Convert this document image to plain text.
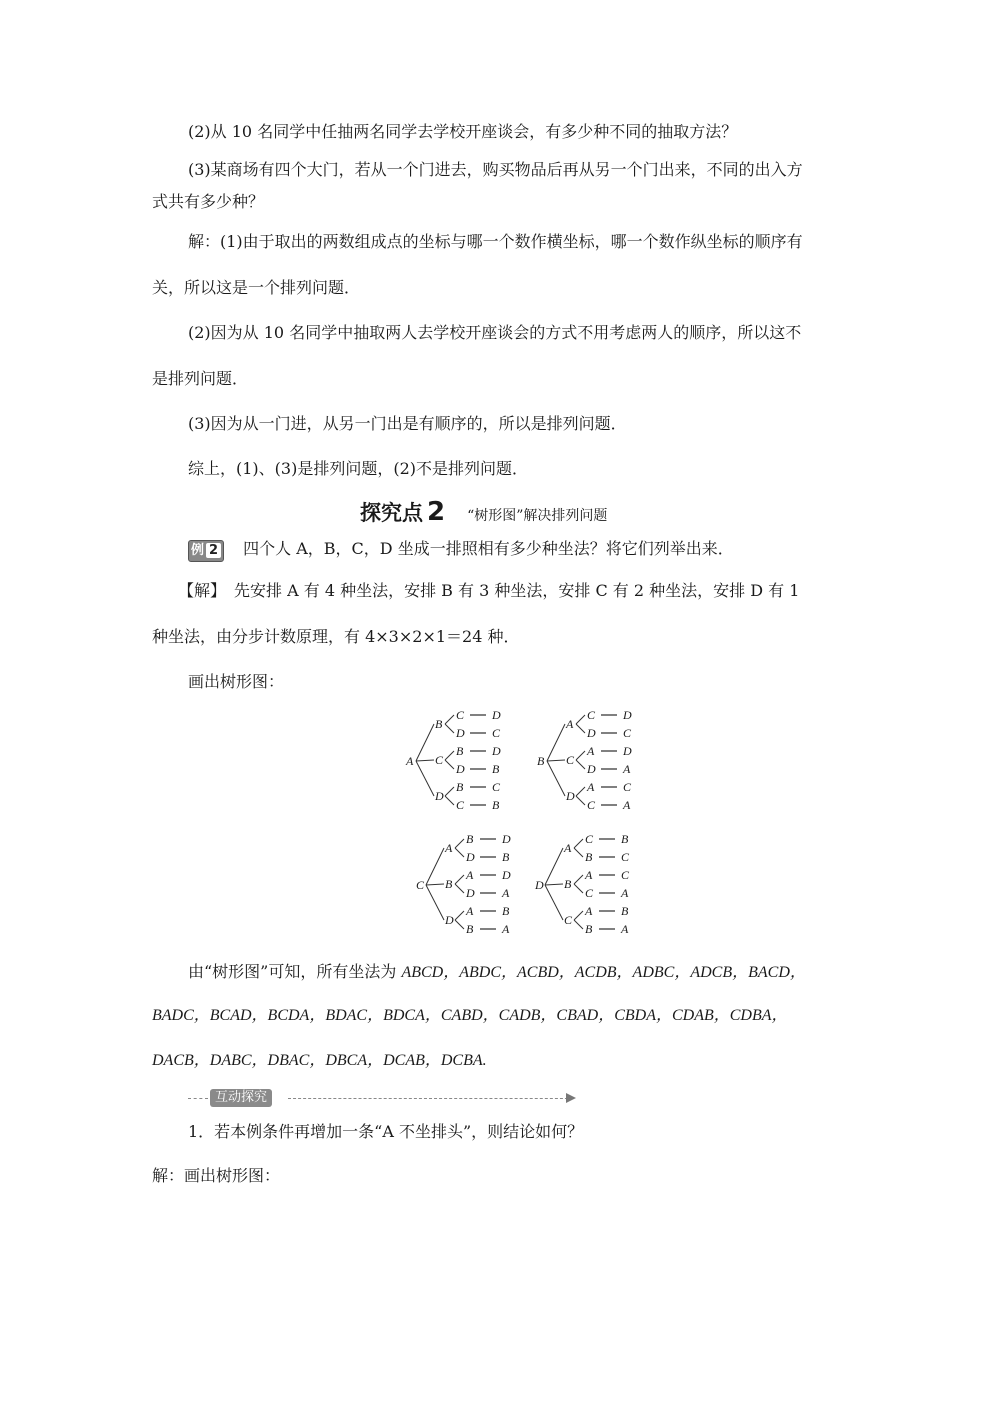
(2)从 10 名同学中任抽两名同学去学校开座谈会，有多少种不同的抽取方法？
(3)某商场有四个大门，若从一个门进去，购买物品后再从另一个门出来，不同的出入方
式共有多少种？
解：(1)由于取出的两数组成点的坐标与哪一个数作横坐标，哪一个数作纵坐标的顺序有
关，所以这是一个排列问题．
(2)因为从 10 名同学中抽取两人去学校开座谈会的方式不用考虑两人的顺序，所以这不
是排列问题．
(3)因为从一门进，从另一门出是有顺序的，所以是排列问题．
综上，(1)、(3)是排列问题，(2)不是排列问题．
探究点 2 “树形图”解决排列问题
例 2 四个人 A，B，C，D 坐成一排照相有多少种坐法？将它们列举出来．
【解】　先安排 A 有 4 种坐法，安排 B 有 3 种坐法，安排 C 有 2 种坐法，安排 D 有 1
种坐法，由分步计数原理，有 4×3×2×1＝24 种．
画出树形图：
A
B
C D
D C
C
B D
D B
D
B C
C B
B
A
C D
D C
C
A D
D A
D
A C
C A
C
A
B D
D B
B
A D
D A
D
A B
B A
D
A
C B
B C
B
A C
C A
C
A B
B A
由“树形图”可知，所有坐法为 ABCD，ABDC，ACBD，ACDB，ADBC，ADCB，BACD，
BADC，BCAD，BCDA，BDAC，BDCA，CABD，CADB，CBAD，CBDA，CDAB，CDBA，
DACB，DABC，DBAC，DBCA，DCAB，DCBA.
互动探究
1．若本例条件再增加一条“A 不坐排头”，则结论如何？
解：画出树形图：
